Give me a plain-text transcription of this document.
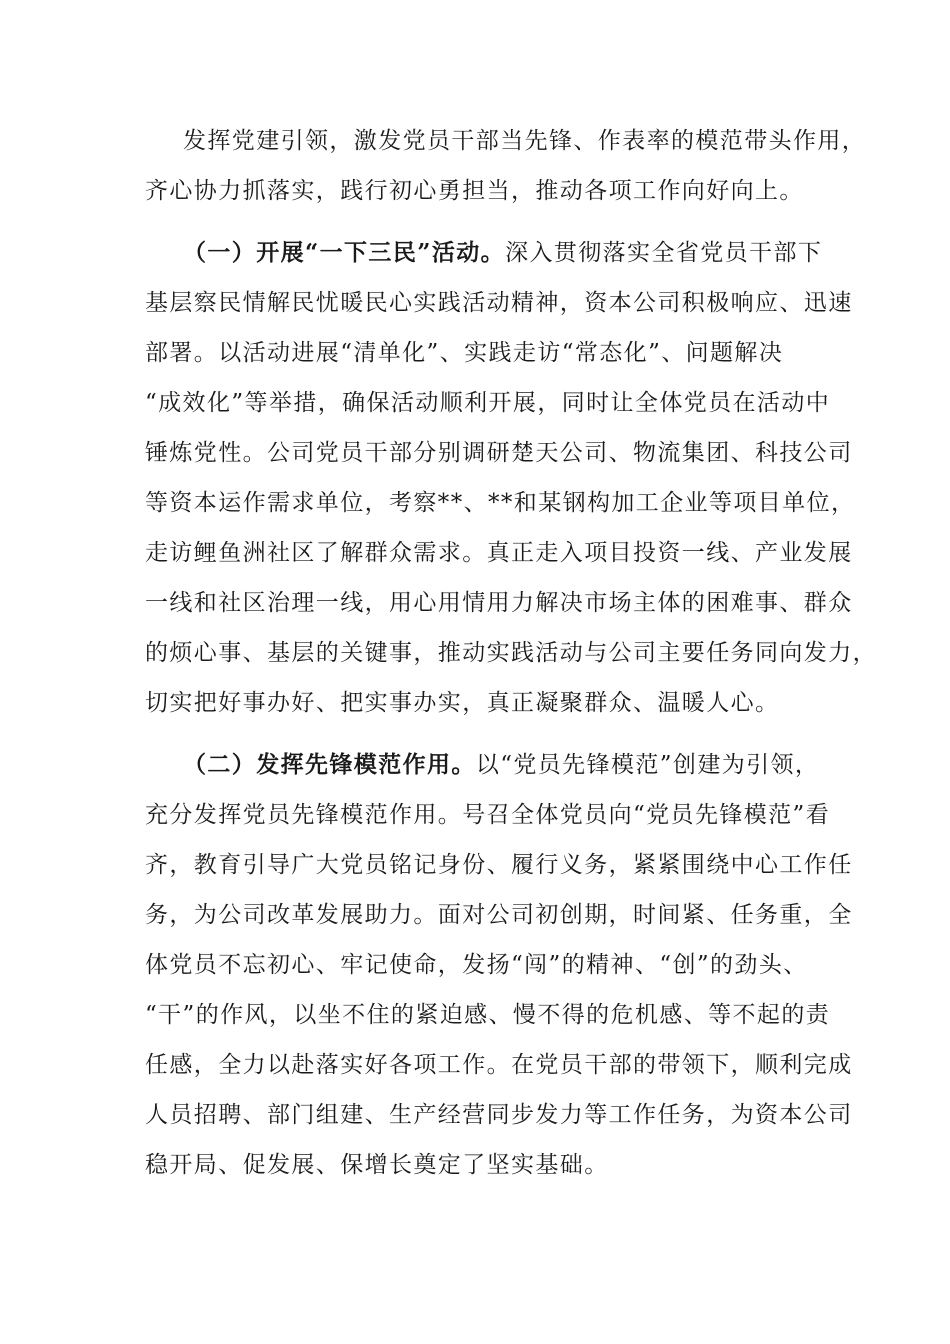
发挥党建引领，激发党员干部当先锋、作表率的模范带头作用，
齐心协力抓落实，践行初心勇担当，推动各项工作向好向上。
（一）开展“一下三民”活动。深入贯彻落实全省党员干部下
基层察民情解民忧暖民心实践活动精神，资本公司积极响应、迅速
部署。以活动进展“清单化”、实践走访“常态化”、问题解决
“成效化”等举措，确保活动顺利开展，同时让全体党员在活动中
锤炼党性。公司党员干部分别调研楚天公司、物流集团、科技公司
等资本运作需求单位，考察**、**和某钢构加工企业等项目单位，
走访鲤鱼洲社区了解群众需求。真正走入项目投资一线、产业发展
一线和社区治理一线，用心用情用力解决市场主体的困难事、群众
的烦心事、基层的关键事，推动实践活动与公司主要任务同向发力，
切实把好事办好、把实事办实，真正凝聚群众、温暖人心。
（二）发挥先锋模范作用。以“党员先锋模范”创建为引领，
充分发挥党员先锋模范作用。号召全体党员向“党员先锋模范”看
齐，教育引导广大党员铭记身份、履行义务，紧紧围绕中心工作任
务，为公司改革发展助力。面对公司初创期，时间紧、任务重，全
体党员不忘初心、牢记使命，发扬“闯”的精神、“创”的劲头、
“干”的作风，以坐不住的紧迫感、慢不得的危机感、等不起的责
任感，全力以赴落实好各项工作。在党员干部的带领下，顺利完成
人员招聘、部门组建、生产经营同步发力等工作任务，为资本公司
稳开局、促发展、保增长奠定了坚实基础。
